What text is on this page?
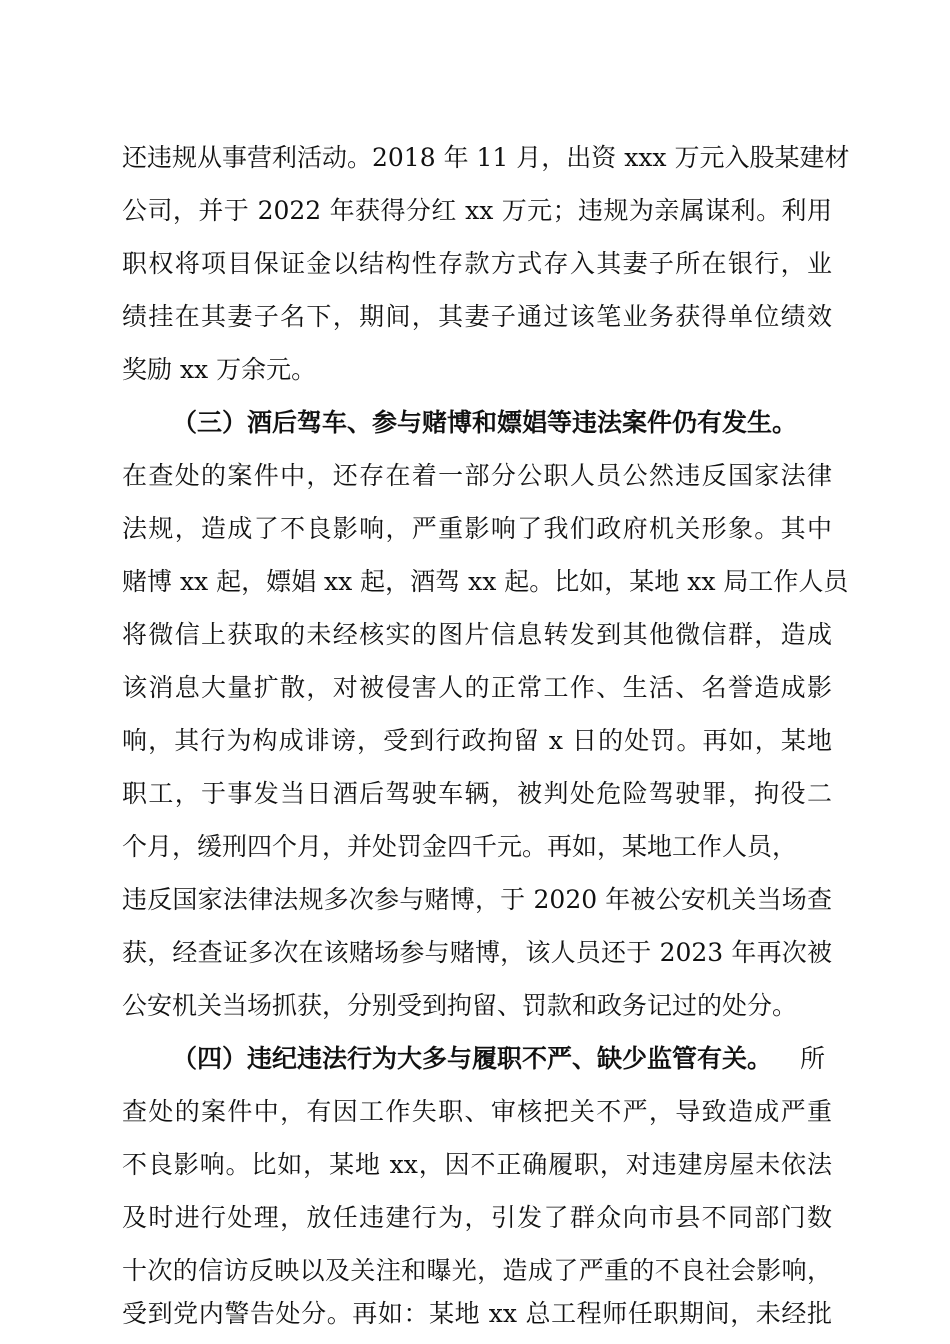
还违规从事营利活动。2018 年 11 月，出资 xxx 万元入股某建材
公司，并于 2022 年获得分红 xx 万元；违规为亲属谋利。利用
职权将项目保证金以结构性存款方式存入其妻子所在银行，业
绩挂在其妻子名下，期间，其妻子通过该笔业务获得单位绩效
奖励 xx 万余元。
（三）酒后驾车、参与赌博和嫖娼等违法案件仍有发生。
在查处的案件中，还存在着一部分公职人员公然违反国家法律
法规，造成了不良影响，严重影响了我们政府机关形象。其中
赌博 xx 起，嫖娼 xx 起，酒驾 xx 起。比如，某地 xx 局工作人员
将微信上获取的未经核实的图片信息转发到其他微信群，造成
该消息大量扩散，对被侵害人的正常工作、生活、名誉造成影
响，其行为构成诽谤，受到行政拘留 x 日的处罚。再如，某地
职工，于事发当日酒后驾驶车辆，被判处危险驾驶罪，拘役二
个月，缓刑四个月，并处罚金四千元。再如，某地工作人员，
违反国家法律法规多次参与赌博，于 2020 年被公安机关当场查
获，经查证多次在该赌场参与赌博，该人员还于 2023 年再次被
公安机关当场抓获，分别受到拘留、罚款和政务记过的处分。
（四）违纪违法行为大多与履职不严、缺少监管有关。 所
查处的案件中，有因工作失职、审核把关不严，导致造成严重
不良影响。比如，某地 xx，因不正确履职，对违建房屋未依法
及时进行处理，放任违建行为，引发了群众向市县不同部门数
十次的信访反映以及关注和曝光，造成了严重的不良社会影响，
受到党内警告处分。再如：某地 xx 总工程师任职期间，未经批
